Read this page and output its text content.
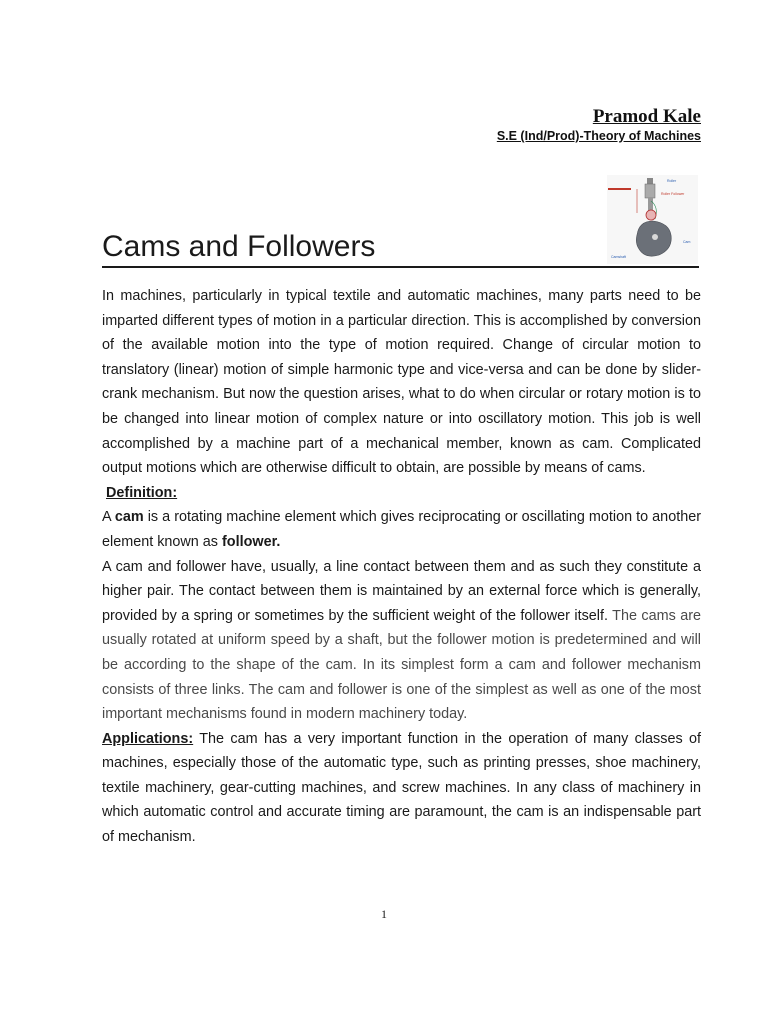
Pramod Kale
S.E (Ind/Prod)-Theory of Machines
Roller
Roller Follower
Cam
Camshaft
Cams and Followers

In machines, particularly in typical textile and automatic machines, many parts need to be imparted different types of motion in a particular direction. This is accomplished by conversion of the available motion into the type of motion required. Change of circular motion to translatory (linear) motion of simple harmonic type and vice-versa and can be done by slider-crank mechanism. But now the question arises, what to do when circular or rotary motion is to be changed into linear motion of complex nature or into oscillatory motion. This job is well accomplished by a machine part of a mechanical member, known as cam. Complicated output motions which are otherwise difficult to obtain, are possible by means of cams.

Definition:

A cam is a rotating machine element which gives reciprocating or oscillating motion to another element known as follower.

A cam and follower have, usually, a line contact between them and as such they constitute a higher pair. The contact between them is maintained by an external force which is generally, provided by a spring or sometimes by the sufficient weight of the follower itself. The cams are usually rotated at uniform speed by a shaft, but the follower motion is predetermined and will be according to the shape of the cam. In its simplest form a cam and follower mechanism consists of three links. The cam and follower is one of the simplest as well as one of the most important mechanisms found in modern machinery today.

Applications: The cam has a very important function in the operation of many classes of machines, especially those of the automatic type, such as printing presses, shoe machinery, textile machinery, gear-cutting machines, and screw machines. In any class of machinery in which automatic control and accurate timing are paramount, the cam is an indispensable part of mechanism.

1
